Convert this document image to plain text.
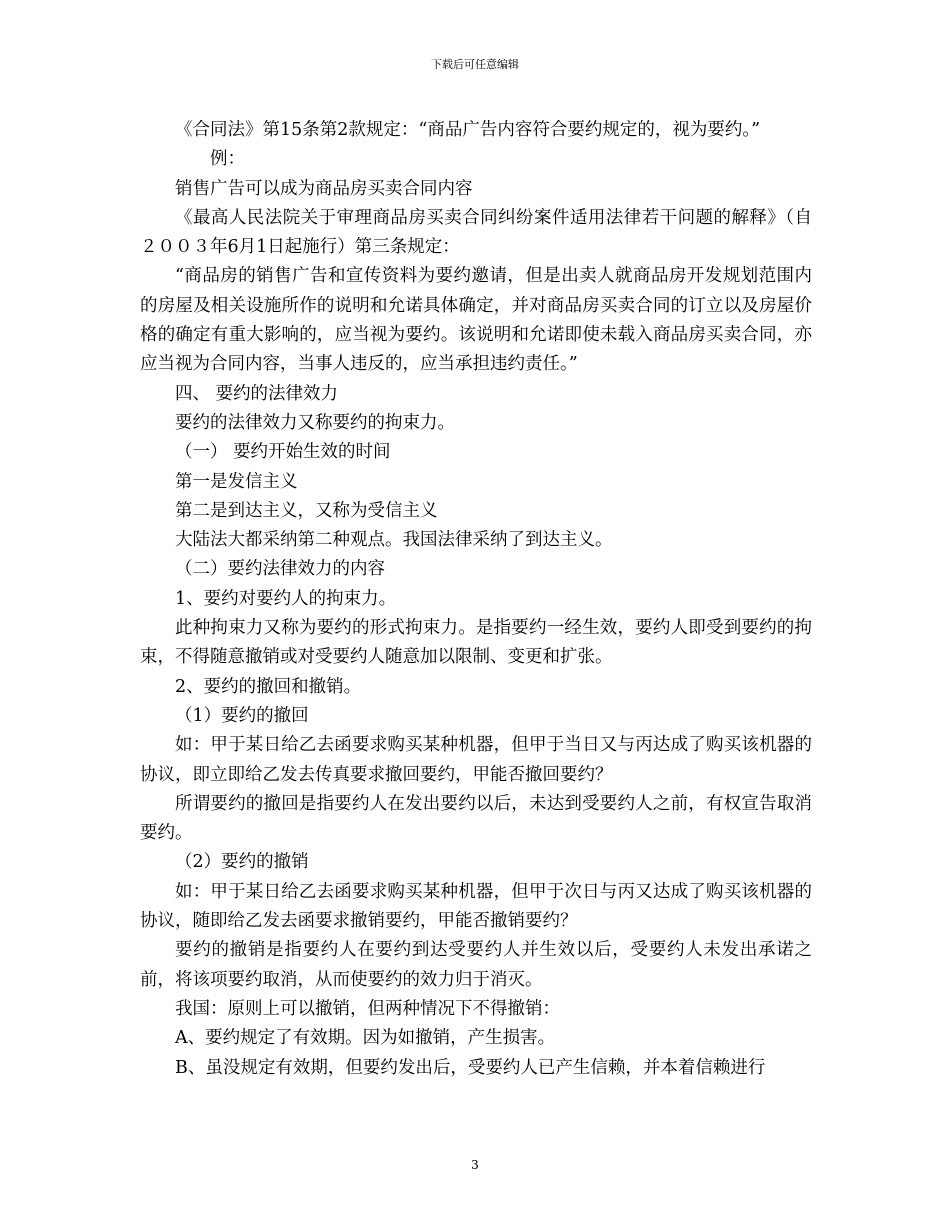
下载后可任意编辑

《合同法》第15条第2款规定：“商品广告内容符合要约规定的，视为要约。”

例：

销售广告可以成为商品房买卖合同内容

《最高人民法院关于审理商品房买卖合同纠纷案件适用法律若干问题的解释》（自２００３年6月1日起施行）第三条规定：

“商品房的销售广告和宣传资料为要约邀请，但是出卖人就商品房开发规划范围内的房屋及相关设施所作的说明和允诺具体确定，并对商品房买卖合同的订立以及房屋价格的确定有重大影响的，应当视为要约。该说明和允诺即使未载入商品房买卖合同，亦应当视为合同内容，当事人违反的，应当承担违约责任。”

四、 要约的法律效力

要约的法律效力又称要约的拘束力。

（一） 要约开始生效的时间

第一是发信主义

第二是到达主义，又称为受信主义

大陆法大都采纳第二种观点。我国法律采纳了到达主义。

（二）要约法律效力的内容

1、要约对要约人的拘束力。

此种拘束力又称为要约的形式拘束力。是指要约一经生效，要约人即受到要约的拘束，不得随意撤销或对受要约人随意加以限制、变更和扩张。

2、要约的撤回和撤销。

（1）要约的撤回

如：甲于某日给乙去函要求购买某种机器，但甲于当日又与丙达成了购买该机器的协议，即立即给乙发去传真要求撤回要约，甲能否撤回要约？

所谓要约的撤回是指要约人在发出要约以后，未达到受要约人之前，有权宣告取消要约。

（2）要约的撤销

如：甲于某日给乙去函要求购买某种机器，但甲于次日与丙又达成了购买该机器的协议，随即给乙发去函要求撤销要约，甲能否撤销要约？

要约的撤销是指要约人在要约到达受要约人并生效以后，受要约人未发出承诺之前，将该项要约取消，从而使要约的效力归于消灭。

我国：原则上可以撤销，但两种情况下不得撤销：

A、要约规定了有效期。因为如撤销，产生损害。

B、虽没规定有效期，但要约发出后，受要约人已产生信赖，并本着信赖进行

3
